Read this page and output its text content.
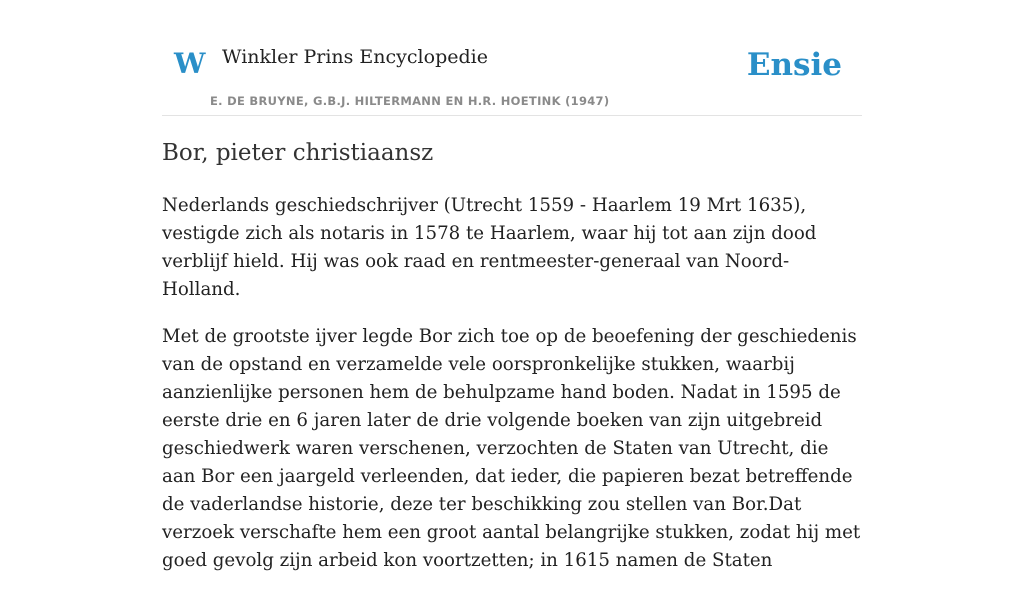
W Winkler Prins Encyclopedie
E. DE BRUYNE, G.B.J. HILTERMANN EN H.R. HOETINK (1947)
Ensie
Bor, pieter christiaansz

Nederlands geschiedschrijver (Utrecht 1559 - Haarlem 19 Mrt 1635), vestigde zich als notaris in 1578 te Haarlem, waar hij tot aan zijn dood verblijf hield. Hij was ook raad en rentmeester-generaal van Noord-Holland.

Met de grootste ijver legde Bor zich toe op de beoefening der geschiedenis van de opstand en verzamelde vele oorspronkelijke stukken, waarbij aanzienlijke personen hem de behulpzame hand boden. Nadat in 1595 de eerste drie en 6 jaren later de drie volgende boeken van zijn uitgebreid geschiedwerk waren verschenen, verzochten de Staten van Utrecht, die aan Bor een jaargeld verleenden, dat ieder, die papieren bezat betreffende de vaderlandse historie, deze ter beschikking zou stellen van Bor.Dat verzoek verschafte hem een groot aantal belangrijke stukken, zodat hij met goed gevolg zijn arbeid kon voortzetten; in 1615 namen de Staten
